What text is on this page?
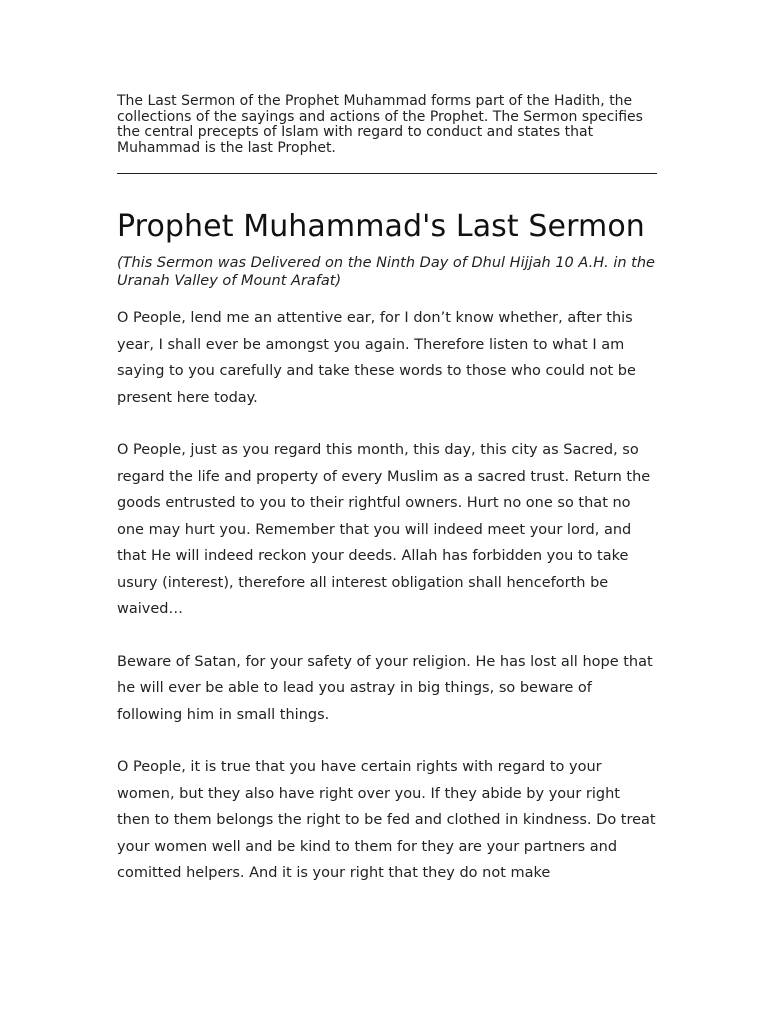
The Last Sermon of the Prophet Muhammad forms part of the Hadith, the collections of the sayings and actions of the Prophet. The Sermon specifies the central precepts of Islam with regard to conduct and states that Muhammad is the last Prophet.

Prophet Muhammad's Last Sermon

(This Sermon was Delivered on the Ninth Day of Dhul Hijjah 10 A.H. in the Uranah Valley of Mount Arafat)

O People, lend me an attentive ear, for I don’t know whether, after this year, I shall ever be amongst you again. Therefore listen to what I am saying to you carefully and take these words to those who could not be present here today.

O People, just as you regard this month, this day, this city as Sacred, so regard the life and property of every Muslim as a sacred trust. Return the goods entrusted to you to their rightful owners. Hurt no one so that no one may hurt you. Remember that you will indeed meet your lord, and that He will indeed reckon your deeds. Allah has forbidden you to take usury (interest), therefore all interest obligation shall henceforth be waived…

Beware of Satan, for your safety of your religion. He has lost all hope that he will ever be able to lead you astray in big things, so beware of following him in small things.

O People, it is true that you have certain rights with regard to your women, but they also have right over you. If they abide by your right then to them belongs the right to be fed and clothed in kindness. Do treat your women well and be kind to them for they are your partners and comitted helpers. And it is your right that they do not make
